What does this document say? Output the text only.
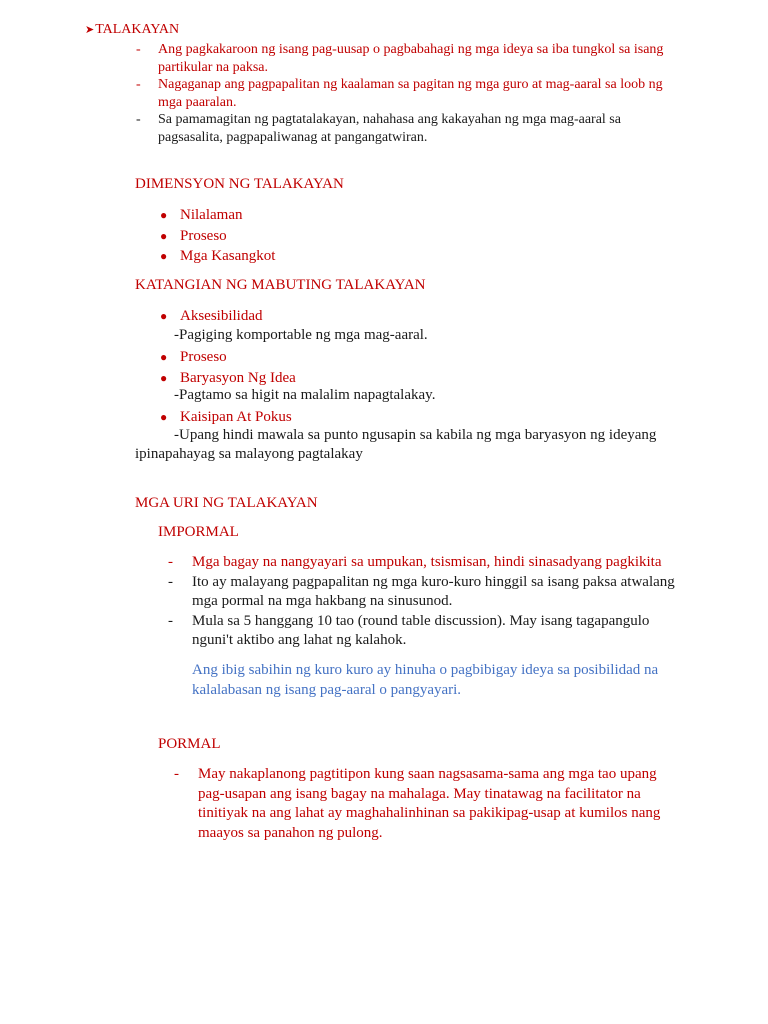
➤TALAKAYAN
- Ang pagkakaroon ng isang pag-uusap o pagbabahagi ng mga ideya sa iba tungkol sa isang partikular na paksa.
- Nagaganap ang pagpapalitan ng kaalaman sa pagitan ng mga guro at mag-aaral sa loob ng mga paaralan.
- Sa pamamagitan ng pagtatalakayan, nahahasa ang kakayahan ng mga mag-aaral sa pagsasalita, pagpapaliwanag at pangangatwiran.
DIMENSYON NG TALAKAYAN
● Nilalaman
● Proseso
● Mga Kasangkot
KATANGIAN NG MABUTING TALAKAYAN
● Aksesibilidad
-Pagiging komportable ng mga mag-aaral.
● Proseso
● Baryasyon Ng Idea
-Pagtamo sa higit na malalim napagtalakay.
● Kaisipan At Pokus
-Upang hindi mawala sa punto ngusapin sa kabila ng mga baryasyon ng ideyang
ipinapahayag sa malayong pagtalakay
MGA URI NG TALAKAYAN
IMPORMAL
- Mga bagay na nangyayari sa umpukan, tsismisan, hindi sinasadyang pagkikita
- Ito ay malayang pagpapalitan ng mga kuro-kuro hinggil sa isang paksa atwalang mga pormal na mga hakbang na sinusunod.
- Mula sa 5 hanggang 10 tao (round table discussion). May isang tagapangulo nguni't aktibo ang lahat ng kalahok.
Ang ibig sabihin ng kuro kuro ay hinuha o pagbibigay ideya sa posibilidad na kalalabasan ng isang pag-aaral o pangyayari.
PORMAL
- May nakaplanong pagtitipon kung saan nagsasama-sama ang mga tao upang pag-usapan ang isang bagay na mahalaga. May tinatawag na facilitator na tinitiyak na ang lahat ay maghahalinhinan sa pakikipag-usap at kumilos nang maayos sa panahon ng pulong.
